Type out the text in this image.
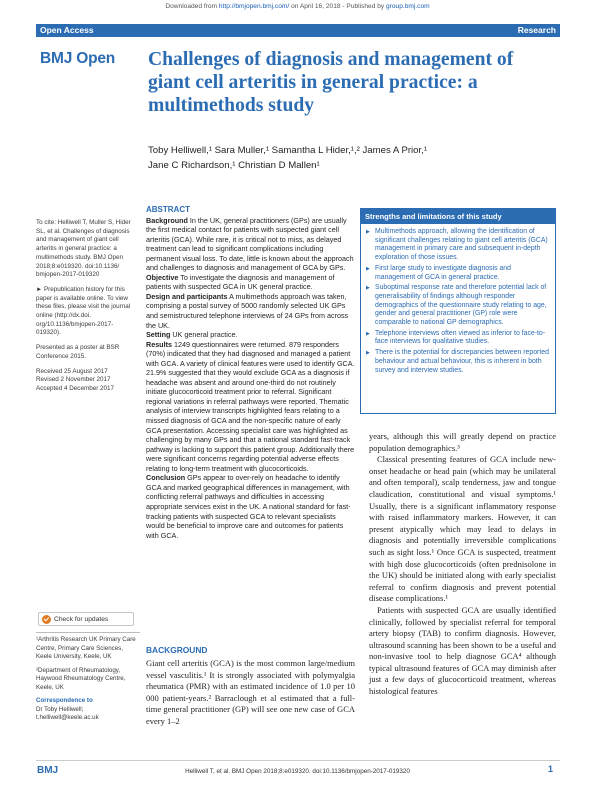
Downloaded from http://bmjopen.bmj.com/ on April 16, 2018 - Published by group.bmj.com
Open Access	Research
BMJ Open Challenges of diagnosis and management of giant cell arteritis in general practice: a multimethods study
Toby Helliwell,¹ Sara Muller,¹ Samantha L Hider,¹,² James A Prior,¹
Jane C Richardson,¹ Christian D Mallen¹

To cite: Helliwell T, Muller S, Hider SL, et al. Challenges of diagnosis and management of giant cell arteritis in general practice: a multimethods study. BMJ Open 2018;8:e019320. doi:10.1136/ bmjopen-2017-019320

► Prepublication history for this paper is available online. To view these files, please visit the journal online (http://dx.doi. org/10.1136/bmjopen-2017- 019320).

Presented as a poster at BSR Conference 2015.

Received 25 August 2017
Revised 2 November 2017
Accepted 4 December 2017

Check for updates

¹Arthritis Research UK Primary Care Centre, Primary Care Sciences, Keele University, Keele, UK

²Department of Rheumatology, Haywood Rheumatology Centre, Keele, UK

Correspondence to

Dr Toby Helliwell; t.helliwell@keele.ac.uk

ABSTRACT
Background In the UK, general practitioners (GPs) are usually the first medical contact for patients with suspected giant cell arteritis (GCA). While rare, it is critical not to miss, as delayed treatment can lead to significant complications including permanent visual loss. To date, little is known about the approach and challenges to diagnosis and management of GCA by GPs.
Objective To investigate the diagnosis and management of patients with suspected GCA in UK general practice.
Design and participants A multimethods approach was taken, comprising a postal survey of 5000 randomly selected UK GPs and semistructured telephone interviews of 24 GPs from across the UK.
Setting UK general practice.
Results 1249 questionnaires were returned. 879 responders (70%) indicated that they had diagnosed and managed a patient with GCA. A variety of clinical features were used to identify GCA. 21.9% suggested that they would exclude GCA as a diagnosis if headache was absent and around one-third do not routinely initiate glucocorticoid treatment prior to referral. Significant regional variations in referral pathways were reported. Thematic analysis of interview transcripts highlighted fears relating to a missed diagnosis of GCA and the non-specific nature of early GCA presentation. Accessing specialist care was highlighted as challenging by many GPs and that a national standard fast-track pathway is lacking to support this patient group. Additionally there were significant concerns regarding potential adverse effects relating to long-term treatment with glucocorticoids.
Conclusion GPs appear to over-rely on headache to identify GCA and marked geographical differences in management, with conflicting referral pathways and difficulties in accessing appropriate services exist in the UK. A national standard for fast-tracking patients with suspected GCA to relevant specialists would be beneficial to improve care and outcomes for patients with GCA.
Strengths and limitations of this study
▶ Multimethods approach, allowing the identification of significant challenges relating to giant cell arteritis (GCA) management in primary care and subsequent in-depth exploration of those issues.
▶ First large study to investigate diagnosis and management of GCA in general practice.
▶ Suboptimal response rate and therefore potential lack of generalisability of findings although responder demographics of the questionnaire study relating to age, gender and general practitioner (GP) role were comparable to national GP demographics.
▶ Telephone interviews often viewed as inferior to face-to-face interviews for qualitative studies.
▶ There is the potential for discrepancies between reported behaviour and actual behaviour, this is inherent in both survey and interview studies.
BACKGROUND
Giant cell arteritis (GCA) is the most common large/medium vessel vasculitis.¹ It is strongly associated with polymyalgia rheumatica (PMR) with an estimated incidence of 1.0 per 10 000 patient-years.² Barraclough et al estimated that a full-time general practitioner (GP) will see one new case of GCA every 1–2

years, although this will greatly depend on practice population demographics.³

Classical presenting features of GCA include new-onset headache or head pain (which may be unilateral and often temporal), scalp tenderness, jaw and tongue claudication, constitutional and visual symptoms.¹ Usually, there is a significant inflammatory response with raised inflammatory markers. However, it can present atypically which may lead to delays in diagnosis and potentially irreversible complications such as sight loss.¹ Once GCA is suspected, treatment with high dose glucocorticoids (often prednisolone in the UK) should be initiated along with early specialist referral to confirm diagnosis and prevent potential disease complications.¹

Patients with suspected GCA are usually identified clinically, followed by specialist referral for temporal artery biopsy (TAB) to confirm diagnosis. However, ultrasound scanning has been shown to be a useful and non-invasive tool to help diagnose GCA⁴ although typical ultrasound features of GCA may diminish after just a few days of glucocorticoid treatment, whereas histological features

BMJ	Helliwell T, et al. BMJ Open 2018;8:e019320. doi:10.1136/bmjopen-2017-019320	1
